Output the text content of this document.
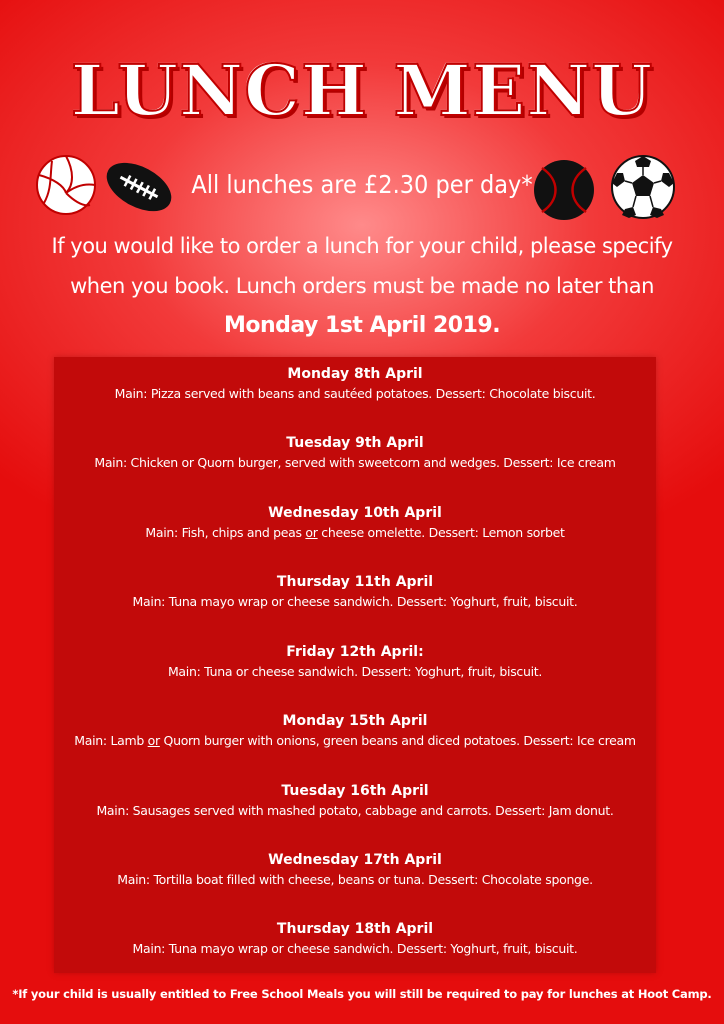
LUNCH MENU
All lunches are £2.30 per day*
If you would like to order a lunch for your child, please specify
when you book. Lunch orders must be made no later than
Monday 1st April 2019.
Monday 8th April
Main: Pizza served with beans and sautéed potatoes. Dessert: Chocolate biscuit.
Tuesday 9th April
Main: Chicken or Quorn burger, served with sweetcorn and wedges. Dessert: Ice cream
Wednesday 10th April
Main: Fish, chips and peas or cheese omelette. Dessert: Lemon sorbet
Thursday 11th April
Main: Tuna mayo wrap or cheese sandwich. Dessert: Yoghurt, fruit, biscuit.
Friday 12th April:
Main: Tuna or cheese sandwich. Dessert: Yoghurt, fruit, biscuit.
Monday 15th April
Main: Lamb or Quorn burger with onions, green beans and diced potatoes. Dessert: Ice cream
Tuesday 16th April
Main: Sausages served with mashed potato, cabbage and carrots. Dessert: Jam donut.
Wednesday 17th April
Main: Tortilla boat filled with cheese, beans or tuna. Dessert: Chocolate sponge.
Thursday 18th April
Main: Tuna mayo wrap or cheese sandwich. Dessert: Yoghurt, fruit, biscuit.
*If your child is usually entitled to Free School Meals you will still be required to pay for lunches at Hoot Camp.
